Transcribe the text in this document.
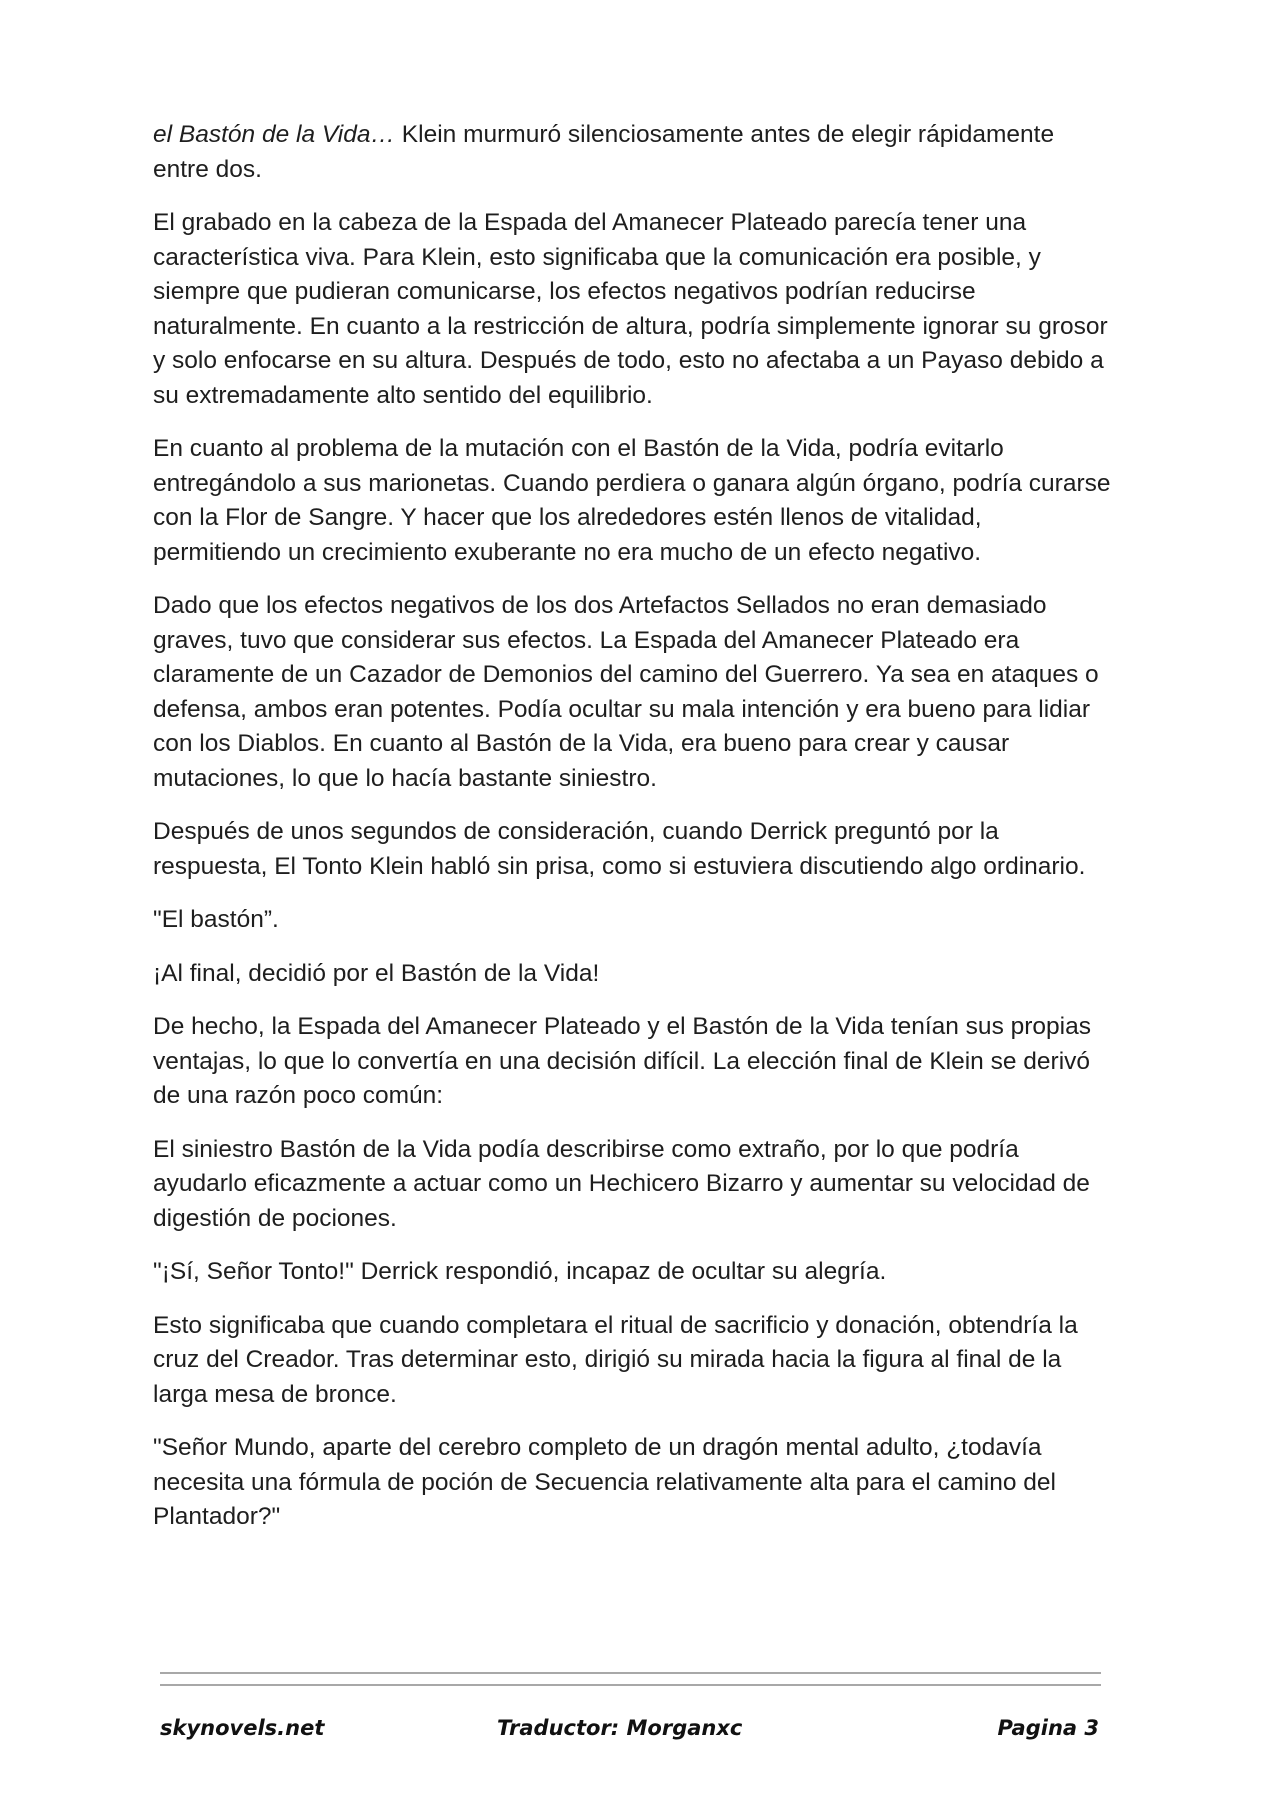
el Bastón de la Vida… Klein murmuró silenciosamente antes de elegir rápidamente entre dos.

El grabado en la cabeza de la Espada del Amanecer Plateado parecía tener una característica viva. Para Klein, esto significaba que la comunicación era posible, y siempre que pudieran comunicarse, los efectos negativos podrían reducirse naturalmente. En cuanto a la restricción de altura, podría simplemente ignorar su grosor y solo enfocarse en su altura. Después de todo, esto no afectaba a un Payaso debido a su extremadamente alto sentido del equilibrio.

En cuanto al problema de la mutación con el Bastón de la Vida, podría evitarlo entregándolo a sus marionetas. Cuando perdiera o ganara algún órgano, podría curarse con la Flor de Sangre. Y hacer que los alrededores estén llenos de vitalidad, permitiendo un crecimiento exuberante no era mucho de un efecto negativo.

Dado que los efectos negativos de los dos Artefactos Sellados no eran demasiado graves, tuvo que considerar sus efectos. La Espada del Amanecer Plateado era claramente de un Cazador de Demonios del camino del Guerrero. Ya sea en ataques o defensa, ambos eran potentes. Podía ocultar su mala intención y era bueno para lidiar con los Diablos. En cuanto al Bastón de la Vida, era bueno para crear y causar mutaciones, lo que lo hacía bastante siniestro.

Después de unos segundos de consideración, cuando Derrick preguntó por la respuesta, El Tonto Klein habló sin prisa, como si estuviera discutiendo algo ordinario.

"El bastón”.

¡Al final, decidió por el Bastón de la Vida!

De hecho, la Espada del Amanecer Plateado y el Bastón de la Vida tenían sus propias ventajas, lo que lo convertía en una decisión difícil. La elección final de Klein se derivó de una razón poco común:

El siniestro Bastón de la Vida podía describirse como extraño, por lo que podría ayudarlo eficazmente a actuar como un Hechicero Bizarro y aumentar su velocidad de digestión de pociones.

"¡Sí, Señor Tonto!" Derrick respondió, incapaz de ocultar su alegría.

Esto significaba que cuando completara el ritual de sacrificio y donación, obtendría la cruz del Creador. Tras determinar esto, dirigió su mirada hacia la figura al final de la larga mesa de bronce.

"Señor Mundo, aparte del cerebro completo de un dragón mental adulto, ¿todavía necesita una fórmula de poción de Secuencia relativamente alta para el camino del Plantador?"

skynovels.net	Traductor: Morganxc	Pagina 3
